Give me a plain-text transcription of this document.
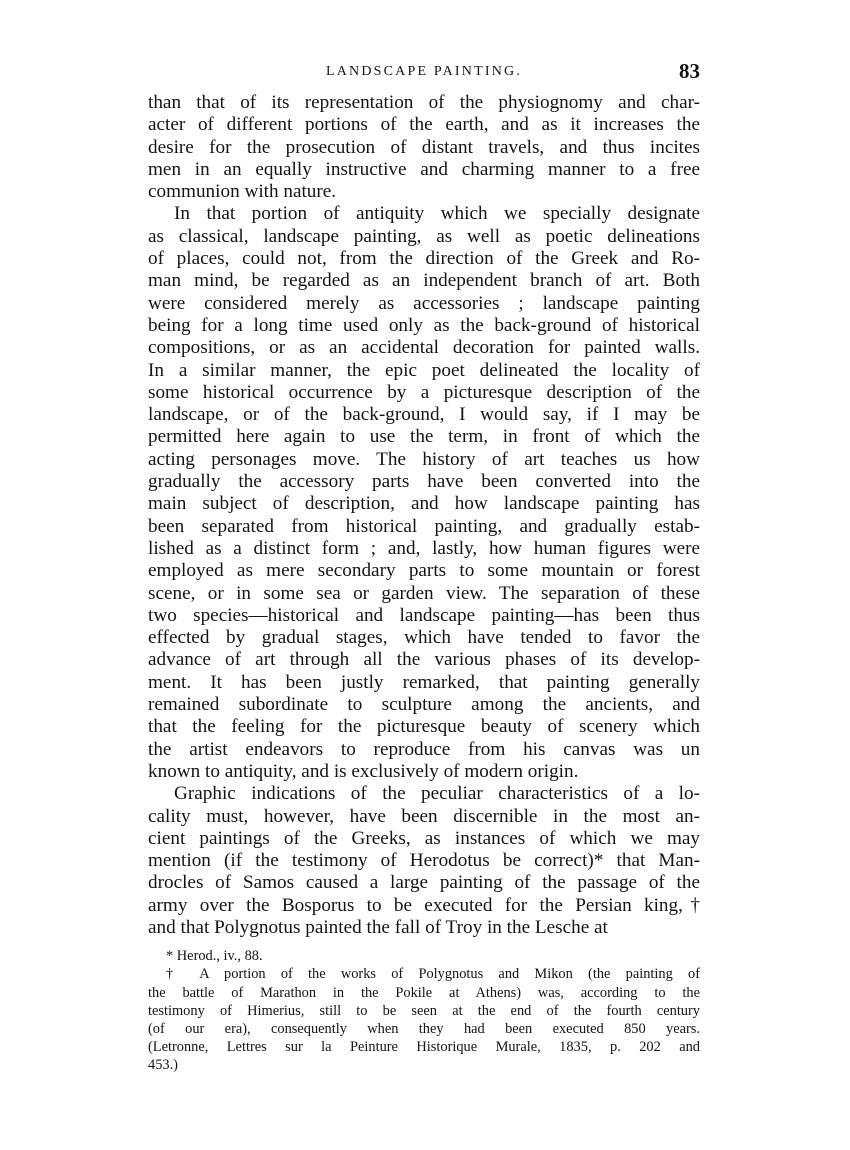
LANDSCAPE PAINTING.	83
than that of its representation of the physiognomy and char-
acter of different portions of the earth, and as it increases the
desire for the prosecution of distant travels, and thus incites
men in an equally instructive and charming manner to a free
communion with nature.
In that portion of antiquity which we specially designate
as classical, landscape painting, as well as poetic delineations
of places, could not, from the direction of the Greek and Ro-
man mind, be regarded as an independent branch of art. Both
were considered merely as accessories ; landscape painting
being for a long time used only as the back-ground of historical
compositions, or as an accidental decoration for painted walls.
In a similar manner, the epic poet delineated the locality of
some historical occurrence by a picturesque description of the
landscape, or of the back-ground, I would say, if I may be
permitted here again to use the term, in front of which the
acting personages move. The history of art teaches us how
gradually the accessory parts have been converted into the
main subject of description, and how landscape painting has
been separated from historical painting, and gradually estab-
lished as a distinct form ; and, lastly, how human figures were
employed as mere secondary parts to some mountain or forest
scene, or in some sea or garden view. The separation of these
two species—historical and landscape painting—has been thus
effected by gradual stages, which have tended to favor the
advance of art through all the various phases of its develop-
ment. It has been justly remarked, that painting generally
remained subordinate to sculpture among the ancients, and
that the feeling for the picturesque beauty of scenery which
the artist endeavors to reproduce from his canvas was un
known to antiquity, and is exclusively of modern origin.
Graphic indications of the peculiar characteristics of a lo-
cality must, however, have been discernible in the most an-
cient paintings of the Greeks, as instances of which we may
mention (if the testimony of Herodotus be correct)* that Man-
drocles of Samos caused a large painting of the passage of the
army over the Bosporus to be executed for the Persian king,†
and that Polygnotus painted the fall of Troy in the Lesche at
* Herod., iv., 88.
† A portion of the works of Polygnotus and Mikon (the painting of
the battle of Marathon in the Pokile at Athens) was, according to the
testimony of Himerius, still to be seen at the end of the fourth century
(of our era), consequently when they had been executed 850 years.
(Letronne, Lettres sur la Peinture Historique Murale, 1835, p. 202 and
453.)
